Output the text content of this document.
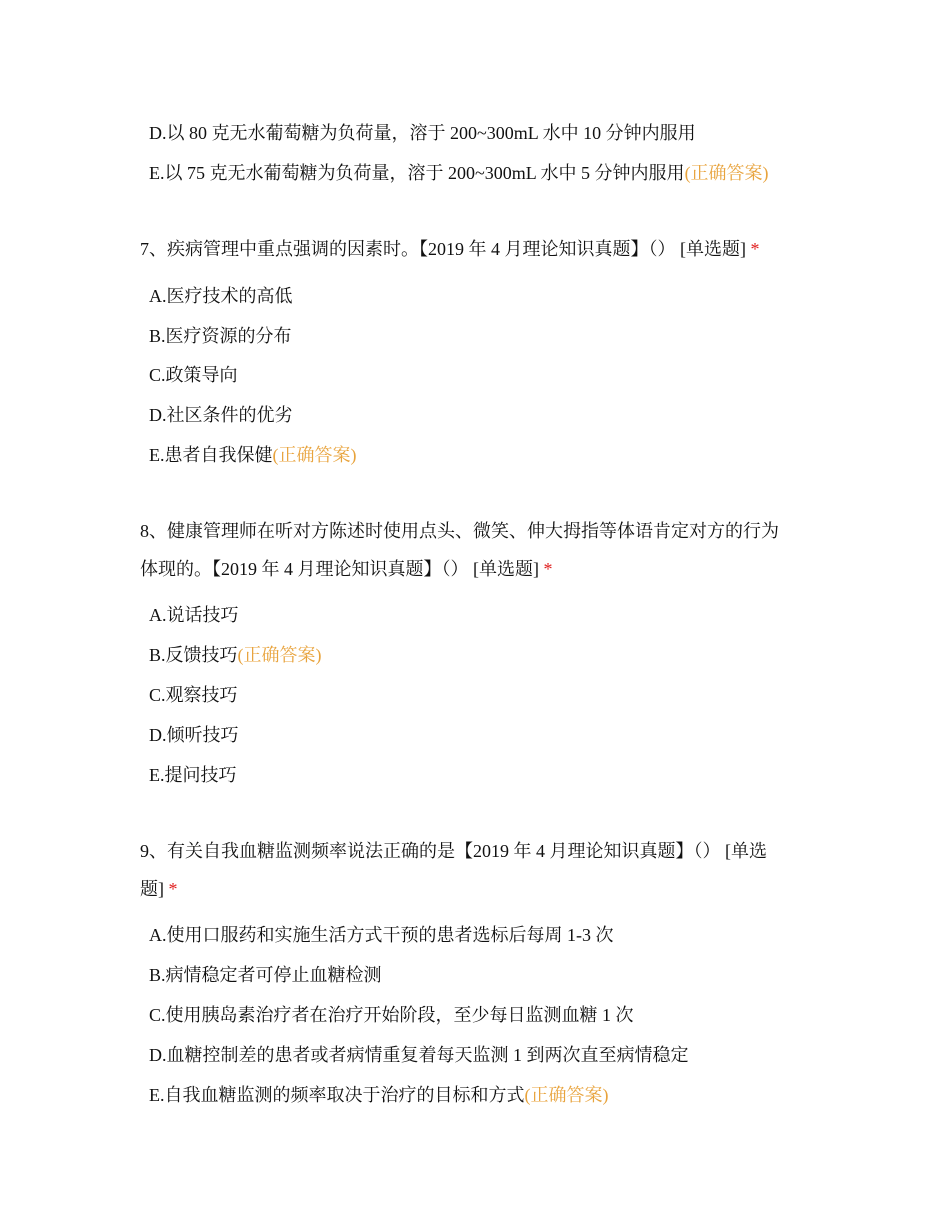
D.以 80 克无水葡萄糖为负荷量，溶于 200~300mL 水中 10 分钟内服用
E.以 75 克无水葡萄糖为负荷量，溶于 200~300mL 水中 5 分钟内服用(正确答案)
7、疾病管理中重点强调的因素时。【2019 年 4 月理论知识真题】（） [单选题] *
A.医疗技术的高低
B.医疗资源的分布
C.政策导向
D.社区条件的优劣
E.患者自我保健(正确答案)
8、健康管理师在听对方陈述时使用点头、微笑、伸大拇指等体语肯定对方的行为
体现的。【2019 年 4 月理论知识真题】（） [单选题] *
A.说话技巧
B.反馈技巧(正确答案)
C.观察技巧
D.倾听技巧
E.提问技巧
9、有关自我血糖监测频率说法正确的是【2019 年 4 月理论知识真题】（） [单选
题] *
A.使用口服药和实施生活方式干预的患者选标后每周 1-3 次
B.病情稳定者可停止血糖检测
C.使用胰岛素治疗者在治疗开始阶段，至少每日监测血糖 1 次
D.血糖控制差的患者或者病情重复着每天监测 1 到两次直至病情稳定
E.自我血糖监测的频率取决于治疗的目标和方式(正确答案)
